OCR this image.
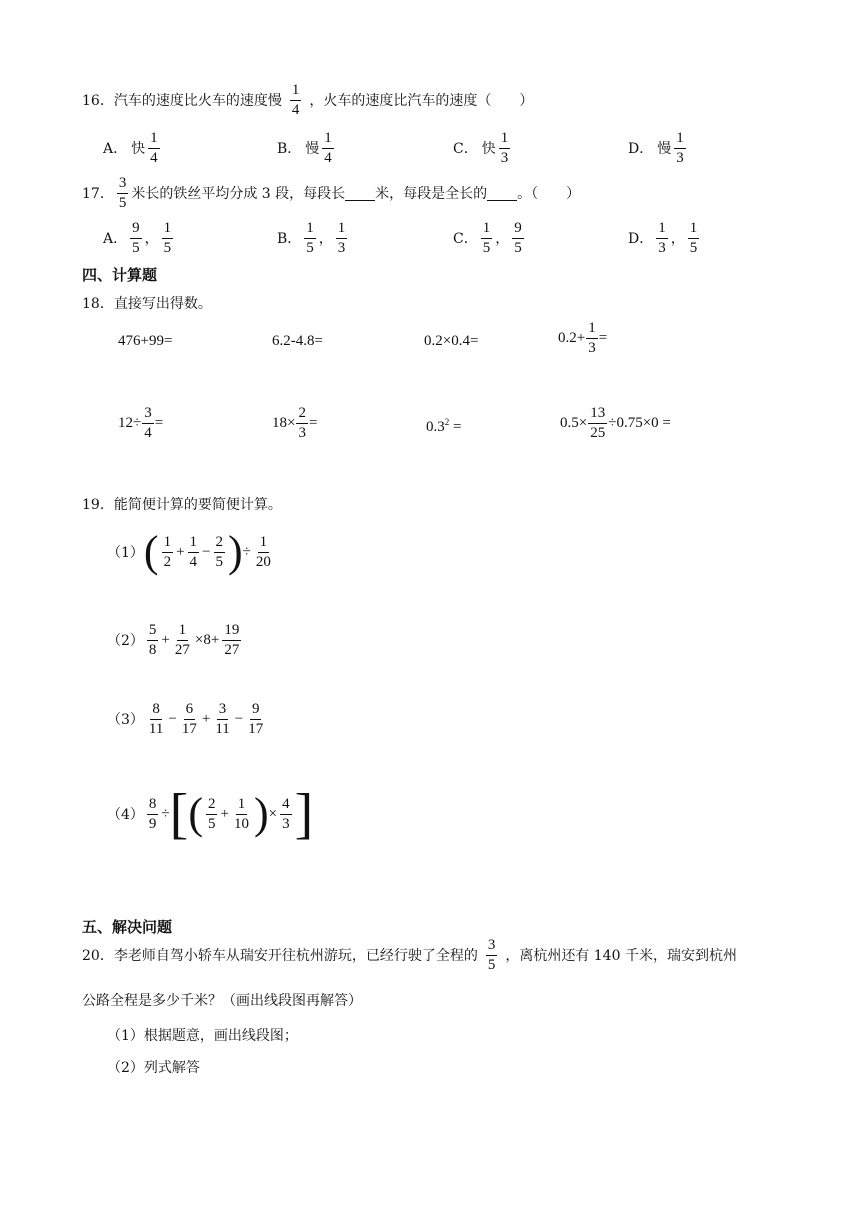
16． 汽车的速度比火车的速度慢 $\frac{1}{4}$ ，火车的速度比汽车的速度（　　）
A． 快 $\frac{1}{4}$	B． 慢 $\frac{1}{4}$	C． 快 $\frac{1}{3}$	D． 慢 $\frac{1}{3}$
17． $\frac{3}{5}$ 米长的铁丝平均分成 3 段，每段长 米，每段是全长的 。（　　）
A． $\frac{9}{5}$ ， $\frac{1}{5}$	B． $\frac{1}{5}$ ， $\frac{1}{3}$	C． $\frac{1}{5}$ ， $\frac{9}{5}$	D． $\frac{1}{3}$ ， $\frac{1}{5}$
四、计算题
18．直接写出得数。
476+99=	6.2-4.8=	0.2×0.4=	$0.2+ \frac{1}{3}$ =
$12\div \frac{3}{4}$ =	$18\times \frac{2}{3}$ =	$0.3^2$ =	$0.5\times \frac{13}{25} \div 0.75\times 0$ =
19．能简便计算的要简便计算。
（1） ( $\frac{1}{2} + \frac{1}{4} - \frac{2}{5}$ ) ÷ $\frac{1}{20}$
$(2) \frac{5}{8} + \frac{1}{27} \times 8+ \frac{19}{27}$
$(3) \frac{8}{11} - \frac{6}{17} + \frac{3}{11} - \frac{9}{17}$
$(4) \frac{8}{9}$ ÷ [ ( $\frac{2}{5} + \frac{1}{10}$ ) × $\frac{4}{3}$ ]
五、解决问题
20． 李老师自驾小轿车从瑞安开往杭州游玩，已经行驶了全程的 $\frac{3}{5}$ ，离杭州还有 140 千米，瑞安到杭州
公路全程是多少千米？（画出线段图再解答）
（1）根据题意，画出线段图；
（2）列式解答
